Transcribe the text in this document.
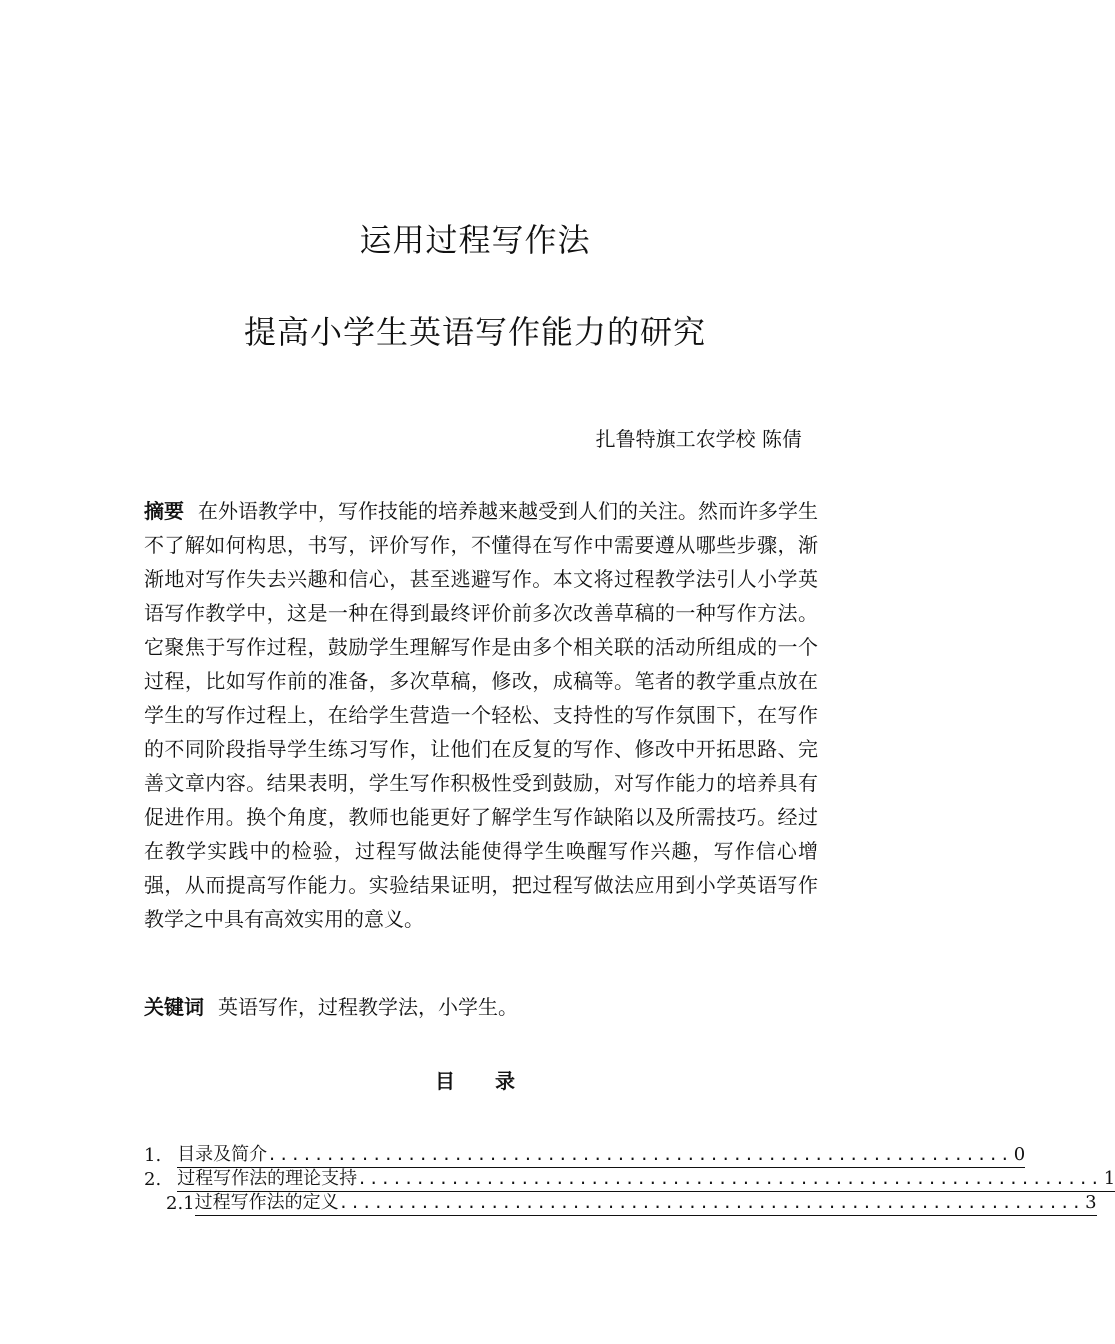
运用过程写作法
提高小学生英语写作能力的研究
扎鲁特旗工农学校 陈倩

摘要 在外语教学中，写作技能的培养越来越受到人们的关注。然而许多学生不了解如何构思，书写，评价写作，不懂得在写作中需要遵从哪些步骤，渐渐地对写作失去兴趣和信心，甚至逃避写作。本文将过程教学法引人小学英语写作教学中，这是一种在得到最终评价前多次改善草稿的一种写作方法。它聚焦于写作过程，鼓励学生理解写作是由多个相关联的活动所组成的一个过程，比如写作前的准备，多次草稿，修改，成稿等。笔者的教学重点放在学生的写作过程上，在给学生营造一个轻松、支持性的写作氛围下，在写作的不同阶段指导学生练习写作，让他们在反复的写作、修改中开拓思路、完善文章内容。结果表明，学生写作积极性受到鼓励，对写作能力的培养具有促进作用。换个角度，教师也能更好了解学生写作缺陷以及所需技巧。经过在教学实践中的检验，过程写做法能使得学生唤醒写作兴趣，写作信心增强，从而提高写作能力。实验结果证明，把过程写做法应用到小学英语写作教学之中具有高效实用的意义。

关键词 英语写作，过程教学法，小学生。

目录
1. 目录及简介 ................................................................ 0
2. 过程写作法的理论支持 ................................................................ 1
2.1 过程写作法的定义 ................................................................ 3
